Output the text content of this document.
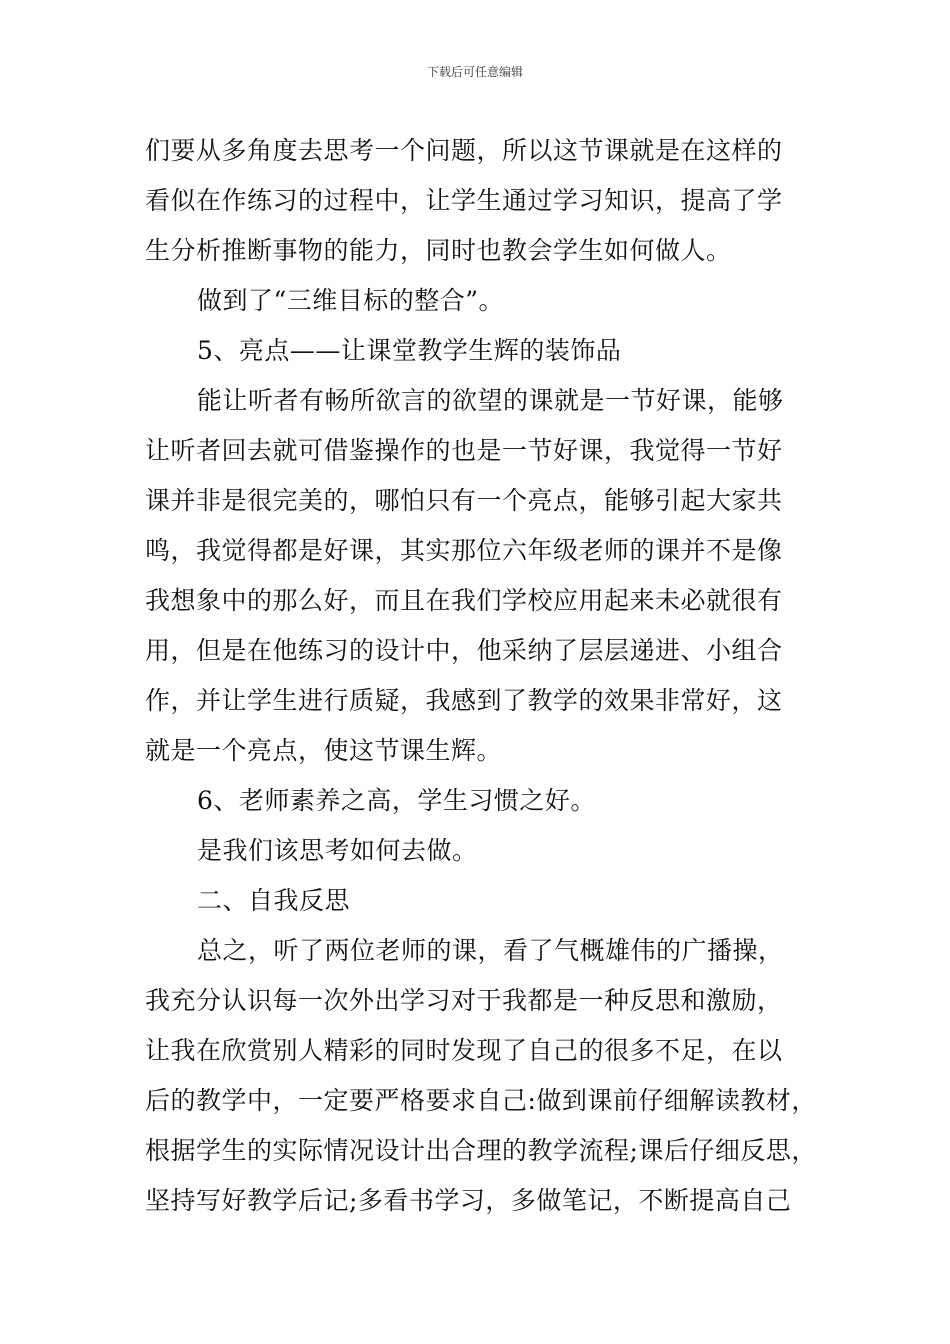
下载后可任意编辑
们要从多角度去思考一个问题，所以这节课就是在这样的
看似在作练习的过程中，让学生通过学习知识，提高了学
生分析推断事物的能力，同时也教会学生如何做人。
做到了“三维目标的整合”。
5、亮点——让课堂教学生辉的装饰品
能让听者有畅所欲言的欲望的课就是一节好课，能够
让听者回去就可借鉴操作的也是一节好课，我觉得一节好
课并非是很完美的，哪怕只有一个亮点，能够引起大家共
鸣，我觉得都是好课，其实那位六年级老师的课并不是像
我想象中的那么好，而且在我们学校应用起来未必就很有
用，但是在他练习的设计中，他采纳了层层递进、小组合
作，并让学生进行质疑，我感到了教学的效果非常好，这
就是一个亮点，使这节课生辉。
6、老师素养之高，学生习惯之好。
是我们该思考如何去做。
二、自我反思
总之，听了两位老师的课，看了气概雄伟的广播操，
我充分认识每一次外出学习对于我都是一种反思和激励，
让我在欣赏别人精彩的同时发现了自己的很多不足，在以
后的教学中，一定要严格要求自己:做到课前仔细解读教材，
根据学生的实际情况设计出合理的教学流程;课后仔细反思，
坚持写好教学后记;多看书学习，多做笔记，不断提高自己
